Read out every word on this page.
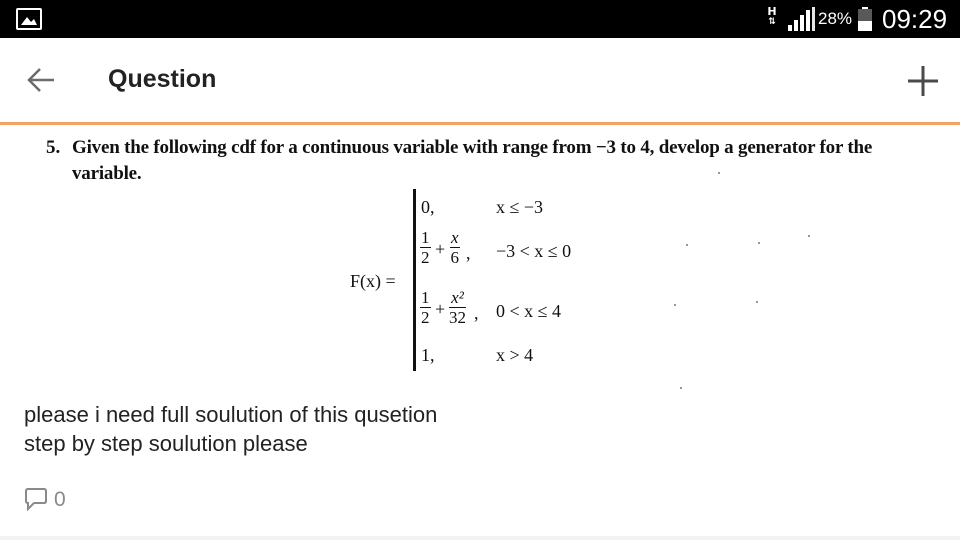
H
⇅ 28% 09:29
Question
5. Given the following cdf for a continuous variable with range from −3 to 4, develop a generator for the
variable.
F(x) =
0,	x ≤ −3
$\frac{1}{2} + \frac{x}{6}$ , −3 < x ≤ 0
$\frac{1}{2} + \frac{\text{x²}}{32}$ , 0 < x ≤ 4
1,	x > 4
please i need full soulution of this qusetion
step by step soulution please
0
